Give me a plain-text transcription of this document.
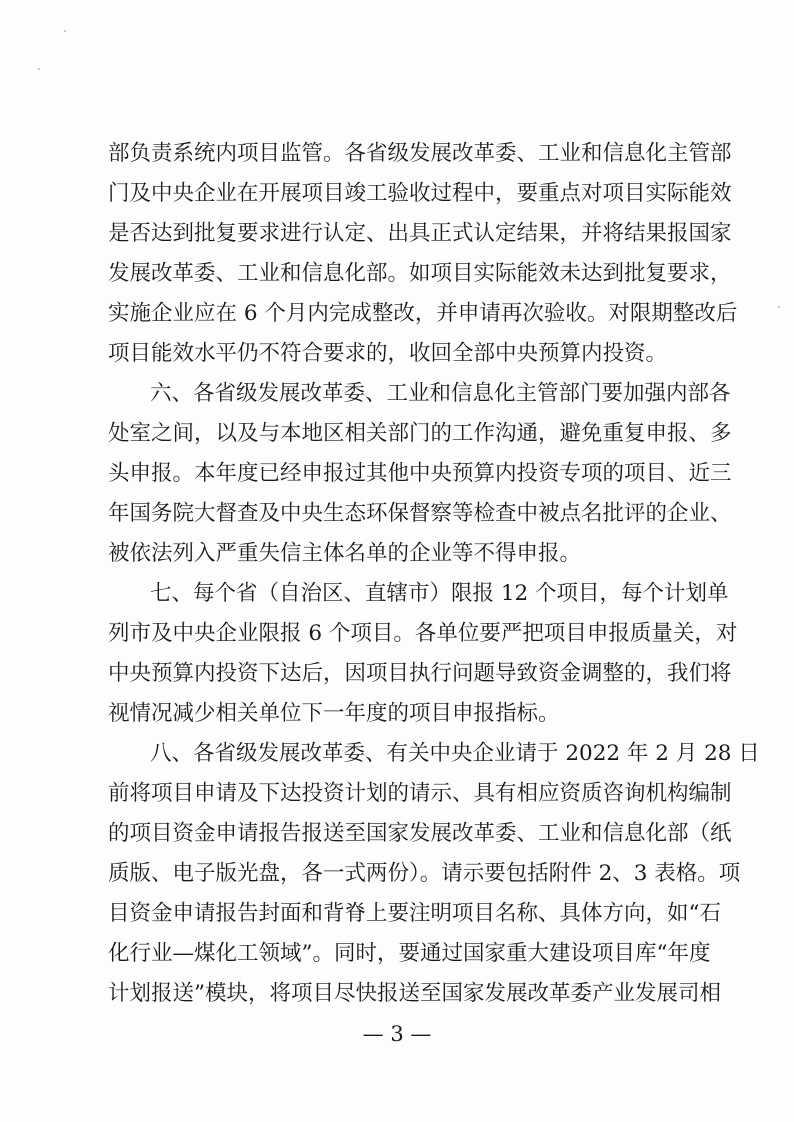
部负责系统内项目监管。各省级发展改革委、工业和信息化主管部
门及中央企业在开展项目竣工验收过程中，要重点对项目实际能效
是否达到批复要求进行认定、出具正式认定结果，并将结果报国家
发展改革委、工业和信息化部。如项目实际能效未达到批复要求，
实施企业应在 6 个月内完成整改，并申请再次验收。对限期整改后
项目能效水平仍不符合要求的，收回全部中央预算内投资。
六、各省级发展改革委、工业和信息化主管部门要加强内部各
处室之间，以及与本地区相关部门的工作沟通，避免重复申报、多
头申报。本年度已经申报过其他中央预算内投资专项的项目、近三
年国务院大督查及中央生态环保督察等检查中被点名批评的企业、
被依法列入严重失信主体名单的企业等不得申报。
七、每个省（自治区、直辖市）限报 12 个项目，每个计划单
列市及中央企业限报 6 个项目。各单位要严把项目申报质量关，对
中央预算内投资下达后，因项目执行问题导致资金调整的，我们将
视情况减少相关单位下一年度的项目申报指标。
八、各省级发展改革委、有关中央企业请于 2022 年 2 月 28 日
前将项目申请及下达投资计划的请示、具有相应资质咨询机构编制
的项目资金申请报告报送至国家发展改革委、工业和信息化部（纸
质版、电子版光盘，各一式两份）。请示要包括附件 2、3 表格。项
目资金申请报告封面和背脊上要注明项目名称、具体方向，如“石
化行业—煤化工领域”。同时，要通过国家重大建设项目库“年度
计划报送”模块，将项目尽快报送至国家发展改革委产业发展司相
— 3 —
